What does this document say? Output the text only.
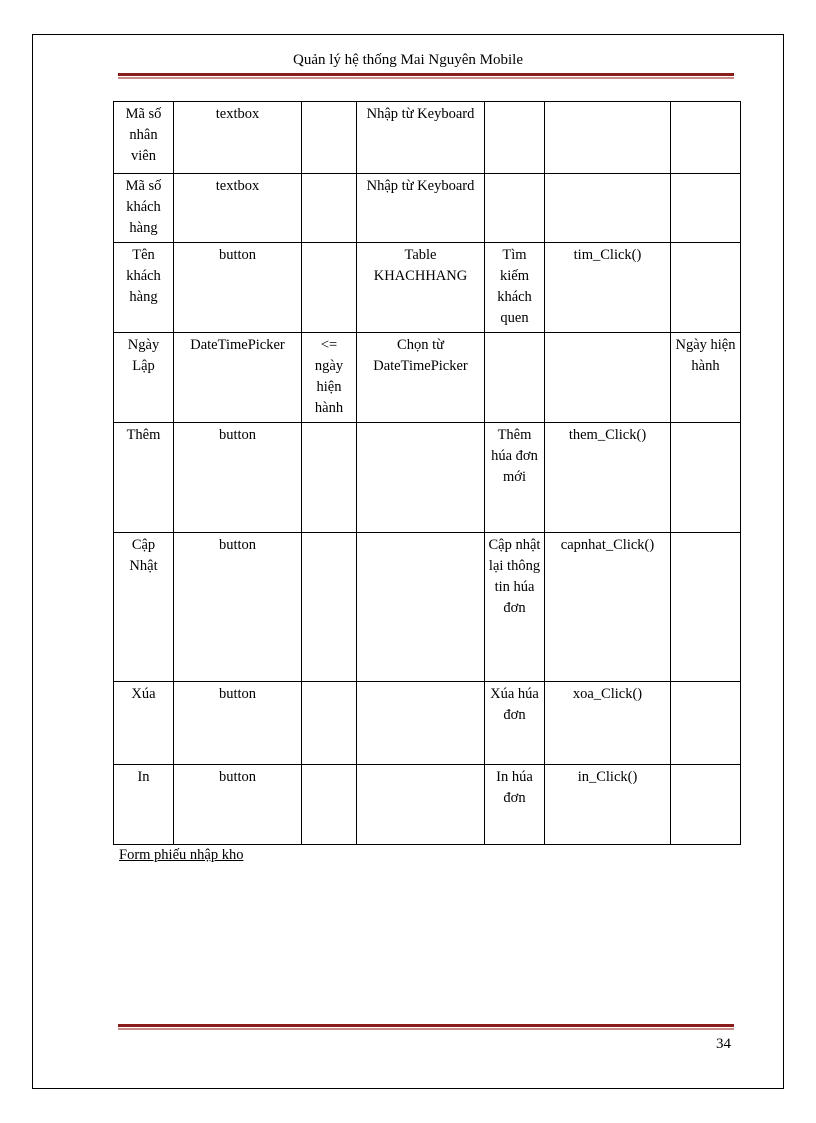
Quản lý hệ thống Mai Nguyên Mobile
Mã số nhân viên	textbox		Nhập từ Keyboard			
Mã số khách hàng	textbox		Nhập từ Keyboard			
Tên khách hàng	button		Table KHACHHANG	Tìm kiếm khách quen	tim_Click()	
Ngày Lập	DateTimePicker	<= ngày hiện hành	Chọn từ DateTimePicker			Ngày hiện hành
Thêm	button			Thêm húa đơn mới	them_Click()	
Cập Nhật	button			Cập nhật lại thông tin húa đơn	capnhat_Click()	
Xúa	button			Xúa húa đơn	xoa_Click()	
In	button			In húa đơn	in_Click()	
Form phiếu nhập kho
34
